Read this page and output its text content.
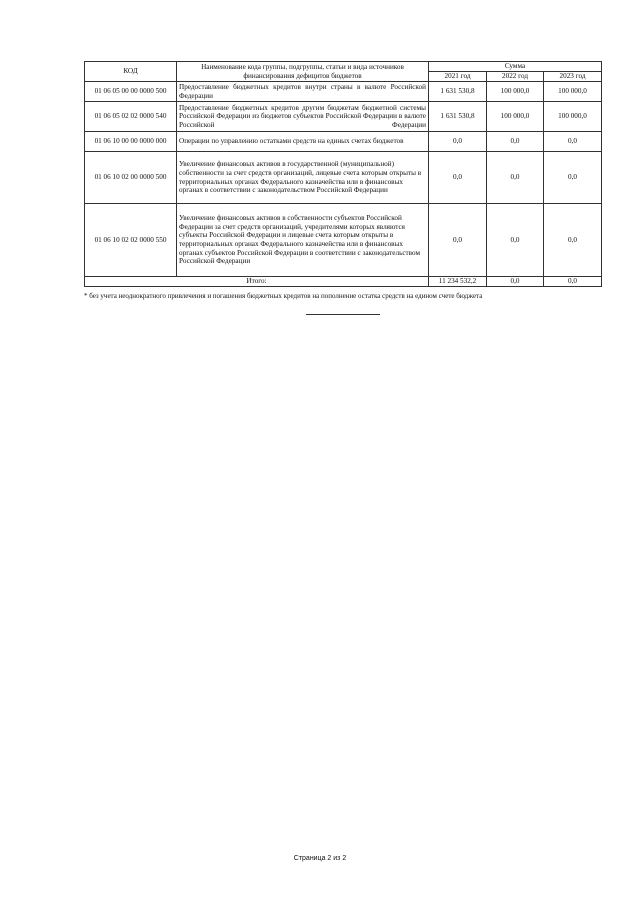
КОД	Наименование кода группы, подгруппы, статьи и вида источников финансирования дефицитов бюджетов	Сумма		
		2021 год	2022 год	2023 год
01 06 05 00 00 0000 500	Предоставление бюджетных кредитов внутри страны в валюте Российской Федерации	1 631 530,8	100 000,0	100 000,0
01 06 05 02 02 0000 540	Предоставление бюджетных кредитов другим бюджетам бюджетной системы Российской Федерации из бюджетов субъектов Российской Федерации в валюте Российской Федерации	1 631 530,8	100 000,0	100 000,0
01 06 10 00 00 0000 000	Операции по управлению остатками средств на единых счетах бюджетов	0,0	0,0	0,0
01 06 10 02 00 0000 500	Увеличение финансовых активов в государственной (муниципальной) собственности за счет средств организаций, лицевые счета которым открыты в территориальных органах Федерального казначейства или в финансовых органах в соответствии с законодательством Российской Федерации	0,0	0,0	0,0
01 06 10 02 02 0000 550	Увеличение финансовых активов в собственности субъектов Российской Федерации за счет средств организаций, учредителями которых являются субъекты Российской Федерации и лицевые счета которым открыты в территориальных органах Федерального казначейства или в финансовых органах субъектов Российской Федерации в соответствии с законодательством Российской Федерации	0,0	0,0	0,0
Итого:		11 234 532,2	0,0	0,0
* без учета неоднократного привлечения и погашения бюджетных кредитов на пополнение остатка средств на едином счете бюджета
Страница 2 из 2
